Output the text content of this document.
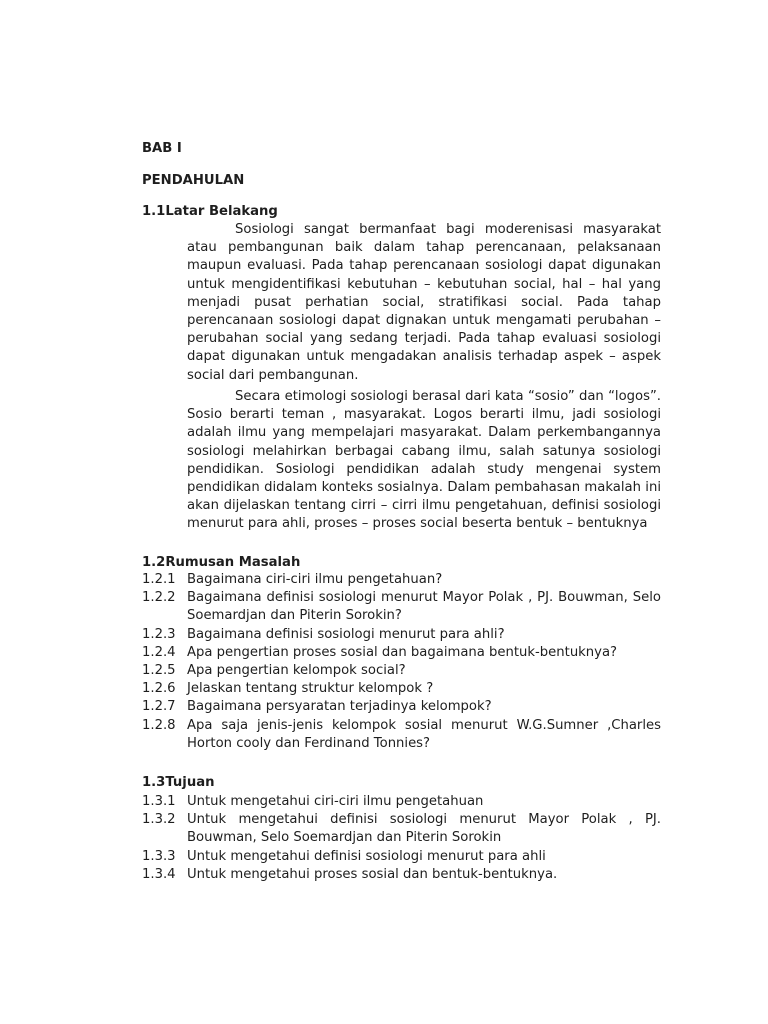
BAB I

PENDAHULAN

1.1Latar Belakang

Sosiologi sangat bermanfaat bagi moderenisasi masyarakat atau pembangunan baik dalam tahap perencanaan, pelaksanaan maupun evaluasi. Pada tahap perencanaan sosiologi dapat digunakan untuk mengidentifikasi kebutuhan – kebutuhan social, hal – hal yang menjadi pusat perhatian social, stratifikasi social. Pada tahap perencanaan sosiologi dapat dignakan untuk mengamati perubahan – perubahan social yang sedang terjadi. Pada tahap evaluasi sosiologi dapat digunakan untuk mengadakan analisis terhadap aspek – aspek social dari pembangunan.

Secara etimologi sosiologi berasal dari kata “sosio” dan “logos”. Sosio berarti teman , masyarakat. Logos berarti ilmu, jadi sosiologi adalah ilmu yang mempelajari masyarakat. Dalam perkembangannya sosiologi melahirkan berbagai cabang ilmu, salah satunya sosiologi pendidikan. Sosiologi pendidikan adalah study mengenai system pendidikan didalam konteks sosialnya. Dalam pembahasan makalah ini akan dijelaskan tentang cirri – cirri ilmu pengetahuan, definisi sosiologi menurut para ahli, proses – proses social beserta bentuk – bentuknya

1.2Rumusan Masalah

1.2.1 Bagaimana ciri-ciri ilmu pengetahuan?
1.2.2 Bagaimana definisi sosiologi menurut Mayor Polak , PJ. Bouwman, Selo Soemardjan dan Piterin Sorokin?
1.2.3 Bagaimana definisi sosiologi menurut para ahli?
1.2.4 Apa pengertian proses sosial dan bagaimana bentuk-bentuknya?
1.2.5 Apa pengertian kelompok social?
1.2.6 Jelaskan tentang struktur kelompok ?
1.2.7 Bagaimana persyaratan terjadinya kelompok?
1.2.8 Apa saja jenis-jenis kelompok sosial menurut W.G.Sumner ,Charles Horton cooly dan Ferdinand Tonnies?

1.3Tujuan

1.3.1 Untuk mengetahui ciri-ciri ilmu pengetahuan
1.3.2 Untuk mengetahui definisi sosiologi menurut Mayor Polak , PJ. Bouwman, Selo Soemardjan dan Piterin Sorokin
1.3.3 Untuk mengetahui definisi sosiologi menurut para ahli
1.3.4 Untuk mengetahui proses sosial dan bentuk-bentuknya.
